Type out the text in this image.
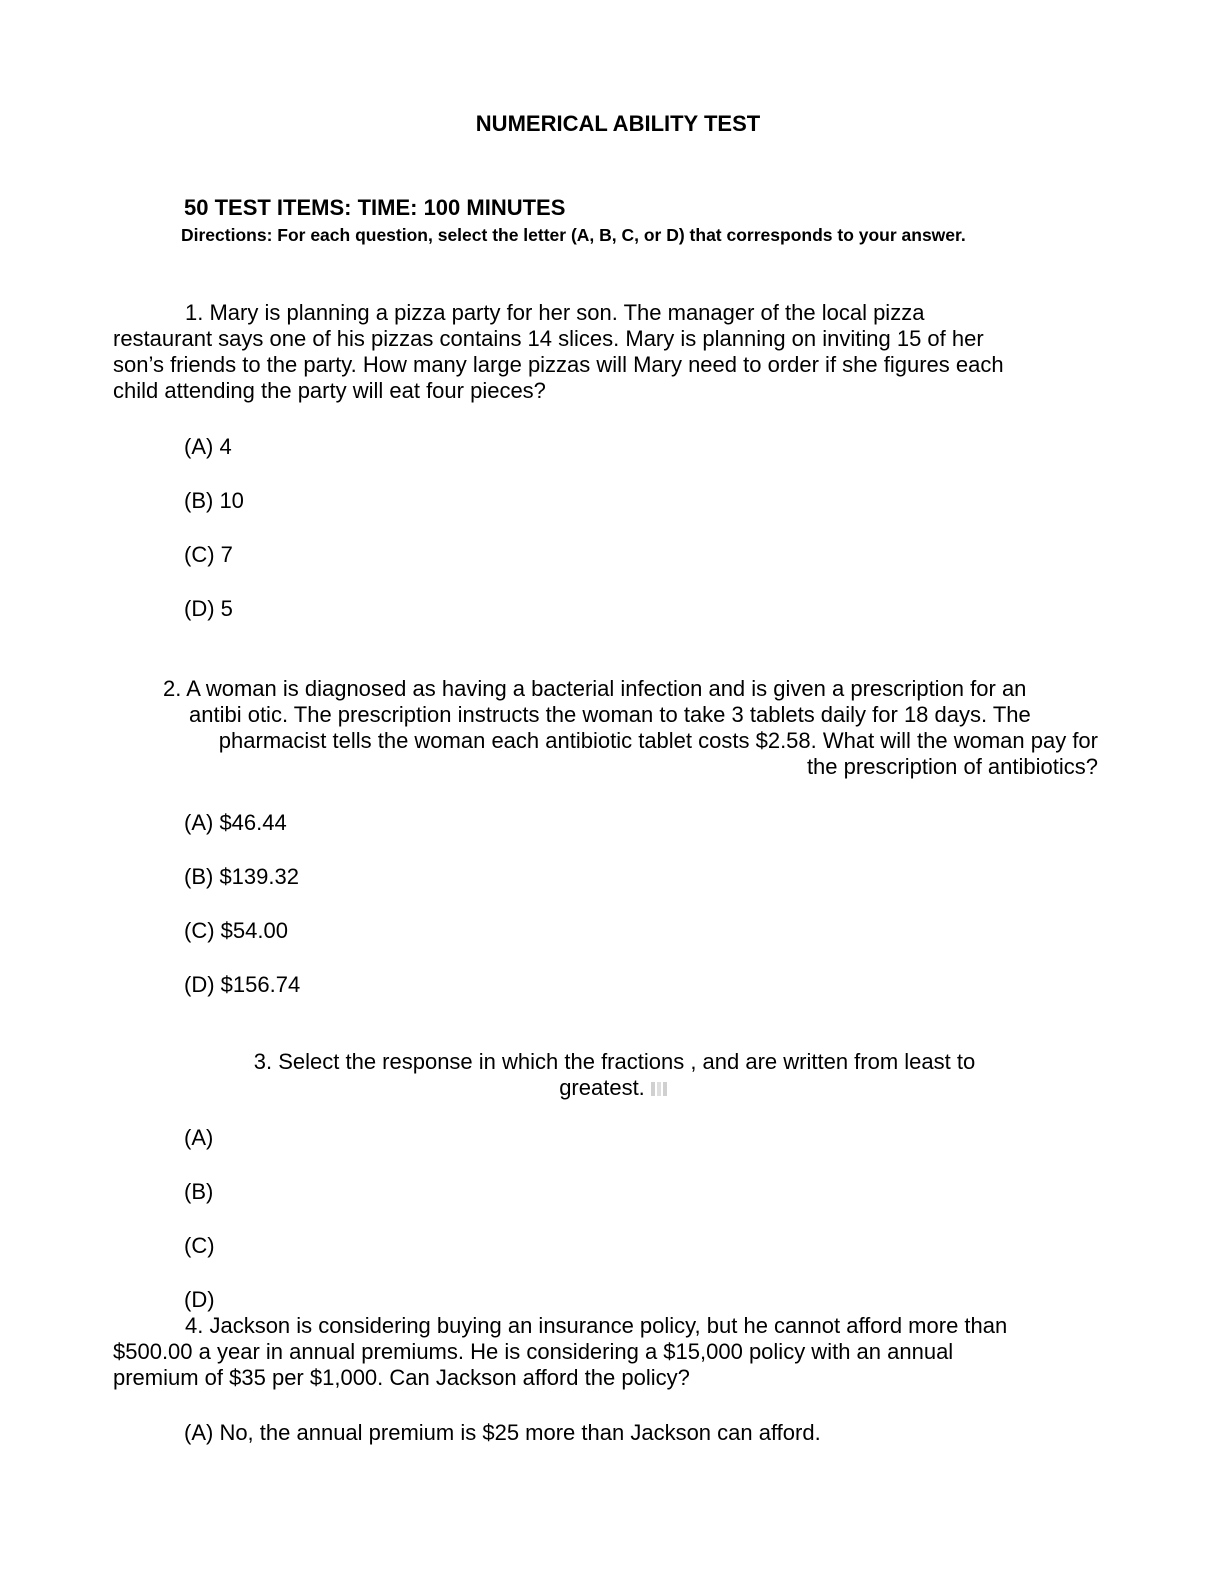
NUMERICAL ABILITY TEST
50 TEST ITEMS: TIME: 100 MINUTES
Directions: For each question, select the letter (A, B, C, or D) that corresponds to your answer.
1. Mary is planning a pizza party for her son. The manager of the local pizza
restaurant says one of his pizzas contains 14 slices. Mary is planning on inviting 15 of her
son’s friends to the party. How many large pizzas will Mary need to order if she figures each
child attending the party will eat four pieces?
(A) 4
(B) 10
(C) 7
(D) 5
2. A woman is diagnosed as having a bacterial infection and is given a prescription for an
antibi otic. The prescription instructs the woman to take 3 tablets daily for 18 days. The
pharmacist tells the woman each antibiotic tablet costs $2.58. What will the woman pay for
the prescription of antibiotics?
(A) $46.44
(B) $139.32
(C) $54.00
(D) $156.74
3. Select the response in which the fractions , and are written from least to
greatest.
(A)
(B)
(C)
(D)
4. Jackson is considering buying an insurance policy, but he cannot afford more than
$500.00 a year in annual premiums. He is considering a $15,000 policy with an annual
premium of $35 per $1,000. Can Jackson afford the policy?
(A) No, the annual premium is $25 more than Jackson can afford.
